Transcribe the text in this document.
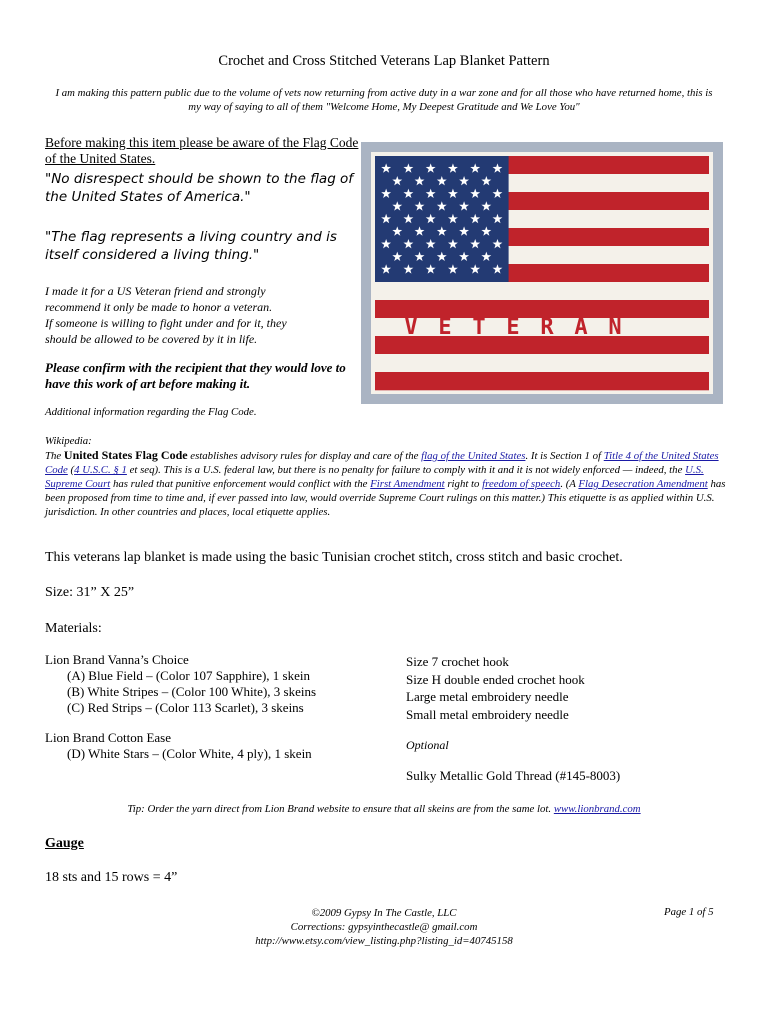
Crochet and Cross Stitched Veterans Lap Blanket Pattern
I am making this pattern public due to the volume of vets now returning from active duty in a war zone and for all those who have returned home, this is my way of saying to all of them "Welcome Home, My Deepest Gratitude and We Love You"
Before making this item please be aware of the Flag Code of the United States.
"No disrespect should be shown to the flag of the United States of America."
"The flag represents a living country and is itself considered a living thing."
I made it for a US Veteran friend and strongly
recommend it only be made to honor a veteran.
If someone is willing to fight under and for it, they
should be allowed to be covered by it in life.
Please confirm with the recipient that they would love to have this work of art before making it.
Additional information regarding the Flag Code.
V E T E R A N
Wikipedia:
The United States Flag Code establishes advisory rules for display and care of the flag of the United States. It is Section 1 of Title 4 of the United States Code (4 U.S.C. § 1 et seq). This is a U.S. federal law, but there is no penalty for failure to comply with it and it is not widely enforced — indeed, the U.S. Supreme Court has ruled that punitive enforcement would conflict with the First Amendment right to freedom of speech. (A Flag Desecration Amendment has been proposed from time to time and, if ever passed into law, would override Supreme Court rulings on this matter.) This etiquette is as applied within U.S. jurisdiction. In other countries and places, local etiquette applies.
This veterans lap blanket is made using the basic Tunisian crochet stitch, cross stitch and basic crochet.
Size: 31” X 25”
Materials:
Lion Brand Vanna’s Choice
(A) Blue Field – (Color 107 Sapphire), 1 skein
(B) White Stripes – (Color 100 White), 3 skeins
(C) Red Strips – (Color 113 Scarlet), 3 skeins
Lion Brand Cotton Ease
(D) White Stars – (Color White, 4 ply), 1 skein
Size 7 crochet hook
Size H double ended crochet hook
Large metal embroidery needle
Small metal embroidery needle
Optional
Sulky Metallic Gold Thread (#145-8003)
Tip: Order the yarn direct from Lion Brand website to ensure that all skeins are from the same lot. www.lionbrand.com
Gauge
18 sts and 15 rows = 4”
©2009 Gypsy In The Castle, LLC
Corrections: gypsyinthecastle@ gmail.com
http://www.etsy.com/view_listing.php?listing_id=40745158
Page 1 of 5
